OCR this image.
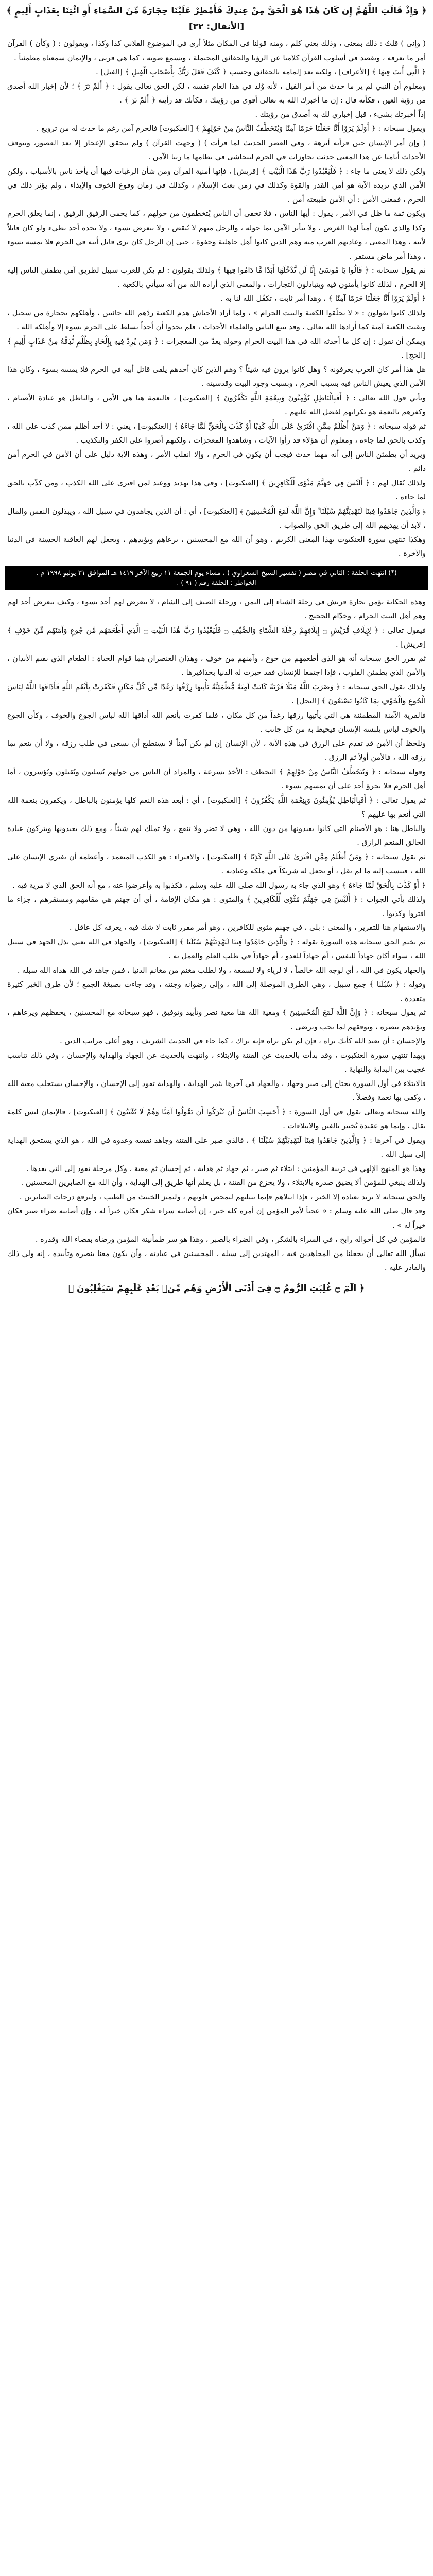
﴿ وَإِذْ قَالَتِ اللَّهُمَّ إِن كَانَ هَٰذَا هُوَ الْحَقَّ مِنْ عِندِكَ فَأَمْطِرْ عَلَيْنَا حِجَارَةً مِّنَ السَّمَاءِ أَوِ ائْتِنَا بِعَذَابٍ أَلِيمٍ ﴾ [الأنفال: ٣٢]

( وإنى ) قلتُ : ذلك بمعنى ، وذلك يعني كلم ، ومنه قولنا فى المكان مثلاً أرى في الموضوع الفلاني كذا وكذا ، ويقولون : ( وكأن ) القرآن أمر ما تعرفه ، ويقصد في أسلوب القرآن كلامنا عن الرؤيا والحقائق المحتملة ، ونسمع صوته ، كما هي قربى ، والإيمان سمعناه مطمئناً .

﴿ الَّتِي أَنتَ فِيهَا ﴾ [الأعراف] ، ولكنه بعد إلمامه بالحقائق وحسب ﴿ كَيْفَ فَعَلَ رَبُّكَ بِأَصْحَابِ الْفِيلِ ﴾ [الفيل] .

ومعلوم أن النبي لم ير ما حدث من أمر الفيل ، لأنه وُلد في هذا العام نفسه ، لكن الحق تعالى يقول : ﴿ أَلَمْ تَرَ ﴾ ؛ لأن إخبار الله أصدق من رؤية العين ، فكأنه قال : إن ما أخبرك الله به تعالى أقوى من رؤيتك ، فكأنك قد رأيته ﴿ أَلَمْ تَرَ ﴾ .

إذاً أخبرتك بشيء ، قبل إخباري لك به أصدق من رؤيتك .

ويقول سبحانه : ﴿ أَوَلَمْ يَرَوْا أَنَّا جَعَلْنَا حَرَمًا آمِنًا وَيُتَخَطَّفُ النَّاسُ مِنْ حَوْلِهِمْ ﴾ [العنكبوت] فالحرم آمن رغم ما حدث له من ترويع .

( وإن أمر الإنسان حين قرأته أبرهة ، وفي العصر الحديث لما قرأت ) ( وجهت القرآن ) ولم يتحقق الإعجاز إلا بعد العصور، ويتوقف الأحداث أيامنا عن هذا المعنى حدثت تجاوزات في الحرم لتتحاشى في نظامها ما ربنا الآمن .

ولكن ذلك لا يعنى ما جاء : ﴿ فَلْيَعْبُدُوا رَبَّ هَٰذَا الْبَيْتِ ﴾ [قريش] ، فإنها أمنية القرآن ومن شأن الرغبات فيها أن يأخذ ناس بالأسباب ، ولكن الأمن الذي تريده الآية هو أمن القدر والقوة وكذلك في زمن بعث الإسلام ، وكذلك في زمان وقوع الخوف والإيذاء ، ولم يؤثر ذلك في الحرم ، فمعنى الأمن : أن الأمن طبيعته أمن .

ويكون ثمة ما ظل في الأمر ، يقول : أيها الناس ، فلا تخفى أن الناس يُتخطفون من حولهم ، كما يحمى الرفيق الرفيق ، إنما يعلق الحرم وكذا والذي يكون أمناً لهذا الغرض ، ولا يتأثر الآمن بما حوله ، والرجل منهم لا يُنقض ، ولا يتعرض بسوء ، ولا يجده أحد بطيء ولو كان قاتلاً لأبيه ، وهذا المعنى ، وعادتهم العرب منه وهم الذين كانوا أهل جاهلية وجفوة ، حتى إن الرجل كان يرى قاتل أبيه في الحرم فلا يمسه بسوء ، وهذا أمر ماض مستقر .

ثم يقول سبحانه : ﴿ قَالُوا يَا مُوسَىٰ إِنَّا لَن نَّدْخُلَهَا أَبَدًا مَّا دَامُوا فِيهَا ﴾ ولذلك يقولون : لم يكن للعرب سبيل لطريق آمن يطمئن الناس إليه إلا الحرم ، لذلك كانوا يأمنون فيه ويتبادلون التجارات ، والمعنى الذي أراده الله من أنه سيأتي بالكعبة .

﴿ أَوَلَمْ يَرَوْا أَنَّا جَعَلْنَا حَرَمًا آمِنًا ﴾ ، وهذا أمر ثابت ، تكفّل الله لنا به .

ولذلك كانوا يقولون : « لا تحلّقوا الكعبة والبيت الحرام » ، ولما أراد الأحباش هدم الكعبة ردّهم الله خائبين ، وأهلكهم بحجارة من سجيل ، وبقيت الكعبة آمنة كما أرادها الله تعالى . وقد تتبع الناس والعلماء الأحداث ، فلم يجدوا أن أحداً تسلط على الحرم بسوء إلا وأهلكه الله .

ويمكن أن نقول : إن كل ما أحدثه الله في هذا البيت الحرام وحوله يعدّ من المعجزات : ﴿ وَمَن يُرِدْ فِيهِ بِإِلْحَادٍ بِظُلْمٍ نُّذِقْهُ مِنْ عَذَابٍ أَلِيمٍ ﴾ [الحج] .

هل هذا أمر كان العرب يعرفونه ؟ وهل كانوا يرون فيه شيئاً ؟ وهم الذين كان أحدهم يلقى قاتل أبيه في الحرم فلا يمسه بسوء ، وكان هذا الأمن الذي يعيش الناس فيه بسبب الحرم ، وبسبب وجود البيت وقدسيته .

ويأتي قول الله تعالى : ﴿ أَفَبِالْبَاطِلِ يُؤْمِنُونَ وَبِنِعْمَةِ اللَّهِ يَكْفُرُونَ ﴾ [العنكبوت] ، فالنعمة هنا هي الأمن ، والباطل هو عبادة الأصنام ، وكفرهم بالنعمة هو نكرانهم لفضل الله عليهم .

ثم قوله سبحانه : ﴿ وَمَنْ أَظْلَمُ مِمَّنِ افْتَرَىٰ عَلَى اللَّهِ كَذِبًا أَوْ كَذَّبَ بِالْحَقِّ لَمَّا جَاءَهُ ﴾ [العنكبوت] ، يعني : لا أحد أظلم ممن كذب على الله ، وكذب بالحق لما جاءه ، ومعلوم أن هؤلاء قد رأوا الآيات ، وشاهدوا المعجزات ، ولكنهم أصروا على الكفر والتكذيب .

ويريد أن يطمئن الناس إلى أنه مهما حدث فيجب أن يكون في الحرم ، وإلا انقلب الأمر ، وهذه الآية دليل على أن الأمن في الحرم أمن دائم .

ولذلك يُقال لهم : ﴿ أَلَيْسَ فِي جَهَنَّمَ مَثْوًى لِّلْكَافِرِينَ ﴾ [العنكبوت] ، وفي هذا تهديد ووعيد لمن افترى على الله الكذب ، ومن كذّب بالحق لما جاءه .

﴿ وَالَّذِينَ جَاهَدُوا فِينَا لَنَهْدِيَنَّهُمْ سُبُلَنَا ۚ وَإِنَّ اللَّهَ لَمَعَ الْمُحْسِنِينَ ﴾ [العنكبوت] ، أي : أن الذين يجاهدون في سبيل الله ، ويبذلون النفس والمال ، لابد أن يهديهم الله إلى طريق الحق والصواب .

وهكذا تنتهي سورة العنكبوت بهذا المعنى الكريم ، وهو أن الله مع المحسنين ، يرعاهم ويؤيدهم ، ويجعل لهم العاقبة الحسنة في الدنيا والآخرة .

(*) انتهت الحلقة : الثاني في مصر ( تفسير الشيخ الشعراوي ) ، مساء يوم الجمعة ١١ ربيع الآخر ١٤١٩ هـ الموافق ٣١ يوليو ١٩٩٨ م .
الخواطر : الحلقة رقم ( ٩١ ) .

وهذه الحكاية تؤمن تجارة قريش في رحلة الشتاء إلى اليمن ، ورحلة الصيف إلى الشام ، لا يتعرض لهم أحد بسوء ، وكيف يتعرض أحد لهم وهم أهل البيت الحرام ، وخدّام الحجيج .

فيقول تعالى : ﴿ لِإِيلَافِ قُرَيْشٍ ۝ إِيلَافِهِمْ رِحْلَةَ الشِّتَاءِ وَالصَّيْفِ ۝ فَلْيَعْبُدُوا رَبَّ هَٰذَا الْبَيْتِ ۝ الَّذِي أَطْعَمَهُم مِّن جُوعٍ وَآمَنَهُم مِّنْ خَوْفٍ ﴾ [قريش] .

ثم يقرر الحق سبحانه أنه هو الذي أطعمهم من جوع ، وآمنهم من خوف ، وهذان العنصران هما قوام الحياة : الطعام الذي يقيم الأبدان ، والأمن الذي يطمئن القلوب ، فإذا اجتمعا للإنسان فقد حيزت له الدنيا بحذافيرها .

ولذلك يقول الحق سبحانه : ﴿ وَضَرَبَ اللَّهُ مَثَلًا قَرْيَةً كَانَتْ آمِنَةً مُّطْمَئِنَّةً يَأْتِيهَا رِزْقُهَا رَغَدًا مِّن كُلِّ مَكَانٍ فَكَفَرَتْ بِأَنْعُمِ اللَّهِ فَأَذَاقَهَا اللَّهُ لِبَاسَ الْجُوعِ وَالْخَوْفِ بِمَا كَانُوا يَصْنَعُونَ ﴾ [النحل] .

فالقرية الآمنة المطمئنة هي التي يأتيها رزقها رغداً من كل مكان ، فلما كفرت بأنعم الله أذاقها الله لباس الجوع والخوف ، وكأن الجوع والخوف لباس يلبسه الإنسان فيحيط به من كل جانب .

ونلحظ أن الأمن قد تقدم على الرزق في هذه الآية ، لأن الإنسان إن لم يكن آمناً لا يستطيع أن يسعى في طلب رزقه ، ولا أن ينعم بما رزقه الله ، فالأمن أولاً ثم الرزق .

وقوله سبحانه : ﴿ وَيُتَخَطَّفُ النَّاسُ مِنْ حَوْلِهِمْ ﴾ التخطف : الأخذ بسرعة ، والمراد أن الناس من حولهم يُسلبون ويُقتلون ويُؤسرون ، أما أهل الحرم فلا يجرؤ أحد على أن يمسهم بسوء .

ثم يقول تعالى : ﴿ أَفَبِالْبَاطِلِ يُؤْمِنُونَ وَبِنِعْمَةِ اللَّهِ يَكْفُرُونَ ﴾ [العنكبوت] ، أي : أبعد هذه النعم كلها يؤمنون بالباطل ، ويكفرون بنعمة الله التي أنعم بها عليهم ؟

والباطل هنا : هو الأصنام التي كانوا يعبدونها من دون الله ، وهي لا تضر ولا تنفع ، ولا تملك لهم شيئاً ، ومع ذلك يعبدونها ويتركون عبادة الخالق المنعم الرازق .

ثم يقول سبحانه : ﴿ وَمَنْ أَظْلَمُ مِمَّنِ افْتَرَىٰ عَلَى اللَّهِ كَذِبًا ﴾ [العنكبوت] ، والافتراء : هو الكذب المتعمد ، وأعظمه أن يفتري الإنسان على الله ، فينسب إليه ما لم يقل ، أو يجعل له شريكاً في ملكه وعبادته .

﴿ أَوْ كَذَّبَ بِالْحَقِّ لَمَّا جَاءَهُ ﴾ وهو الذي جاء به رسول الله صلى الله عليه وسلم ، فكذبوا به وأعرضوا عنه ، مع أنه الحق الذي لا مرية فيه .

ولذلك يأتي الجواب : ﴿ أَلَيْسَ فِي جَهَنَّمَ مَثْوًى لِّلْكَافِرِينَ ﴾ والمثوى : هو مكان الإقامة ، أي أن جهنم هي مقامهم ومستقرهم ، جزاء ما افتروا وكذبوا .

والاستفهام هنا للتقرير ، والمعنى : بلى ، في جهنم مثوى للكافرين ، وهو أمر مقرر ثابت لا شك فيه ، يعرفه كل عاقل .

ثم يختم الحق سبحانه هذه السورة بقوله : ﴿ وَالَّذِينَ جَاهَدُوا فِينَا لَنَهْدِيَنَّهُمْ سُبُلَنَا ﴾ [العنكبوت] ، والجهاد في الله يعني بذل الجهد في سبيل الله ، سواء أكان جهاداً للنفس ، أم جهاداً للعدو ، أم جهاداً في طلب العلم والعمل به .

والجهاد يكون في الله ، أي لوجه الله خالصاً ، لا لرياء ولا لسمعة ، ولا لطلب مغنم من مغانم الدنيا ، فمن جاهد في الله هداه الله سبله .

وقوله : ﴿ سُبُلَنَا ﴾ جمع سبيل ، وهي الطرق الموصلة إلى الله ، وإلى رضوانه وجنته ، وقد جاءت بصيغة الجمع ؛ لأن طرق الخير كثيرة متعددة .

ثم يقول سبحانه : ﴿ وَإِنَّ اللَّهَ لَمَعَ الْمُحْسِنِينَ ﴾ ومعية الله هنا معية نصر وتأييد وتوفيق ، فهو سبحانه مع المحسنين ، يحفظهم ويرعاهم ، ويؤيدهم بنصره ، ويوفقهم لما يحب ويرضى .

والإحسان : أن تعبد الله كأنك تراه ، فإن لم تكن تراه فإنه يراك ، كما جاء في الحديث الشريف ، وهو أعلى مراتب الدين .

وبهذا تنتهي سورة العنكبوت ، وقد بدأت بالحديث عن الفتنة والابتلاء ، وانتهت بالحديث عن الجهاد والهداية والإحسان ، وفي ذلك تناسب عجيب بين البداية والنهاية .

فالابتلاء في أول السورة يحتاج إلى صبر وجهاد ، والجهاد في آخرها يثمر الهداية ، والهداية تقود إلى الإحسان ، والإحسان يستجلب معية الله ، وكفى بها نعمة وفضلاً .

والله سبحانه وتعالى يقول في أول السورة : ﴿ أَحَسِبَ النَّاسُ أَن يُتْرَكُوا أَن يَقُولُوا آمَنَّا وَهُمْ لَا يُفْتَنُونَ ﴾ [العنكبوت] ، فالإيمان ليس كلمة تقال ، وإنما هو عقيدة تُختبر بالفتن والابتلاءات .

ويقول في آخرها : ﴿ وَالَّذِينَ جَاهَدُوا فِينَا لَنَهْدِيَنَّهُمْ سُبُلَنَا ﴾ ، فالذي صبر على الفتنة وجاهد نفسه وعدوه في الله ، هو الذي يستحق الهداية إلى سبل الله .

وهذا هو المنهج الإلهي في تربية المؤمنين : ابتلاء ثم صبر ، ثم جهاد ثم هداية ، ثم إحسان ثم معية ، وكل مرحلة تقود إلى التي بعدها .

ولذلك ينبغي للمؤمن ألا يضيق صدره بالابتلاء ، ولا يجزع من الفتنة ، بل يعلم أنها طريق إلى الهداية ، وأن الله مع الصابرين المحسنين .

والحق سبحانه لا يريد بعباده إلا الخير ، فإذا ابتلاهم فإنما يبتليهم ليمحص قلوبهم ، وليميز الخبيث من الطيب ، وليرفع درجات الصابرين .

وقد قال صلى الله عليه وسلم : « عجباً لأمر المؤمن إن أمره كله خير ، إن أصابته سراء شكر فكان خيراً له ، وإن أصابته ضراء صبر فكان خيراً له » .

فالمؤمن في كل أحواله رابح ، في السراء بالشكر ، وفي الضراء بالصبر ، وهذا هو سر طمأنينة المؤمن ورضاه بقضاء الله وقدره .

نسأل الله تعالى أن يجعلنا من المجاهدين فيه ، المهتدين إلى سبله ، المحسنين في عبادته ، وأن يكون معنا بنصره وتأييده ، إنه ولي ذلك والقادر عليه .

﴿ الٓمٓ ۝ غُلِبَتِ الرُّومُ ۝ فِىٓ أَدْنَى الْأَرْضِ وَهُم مِّنۢ بَعْدِ غَلَبِهِمْ سَيَغْلِبُونَ ﴾
